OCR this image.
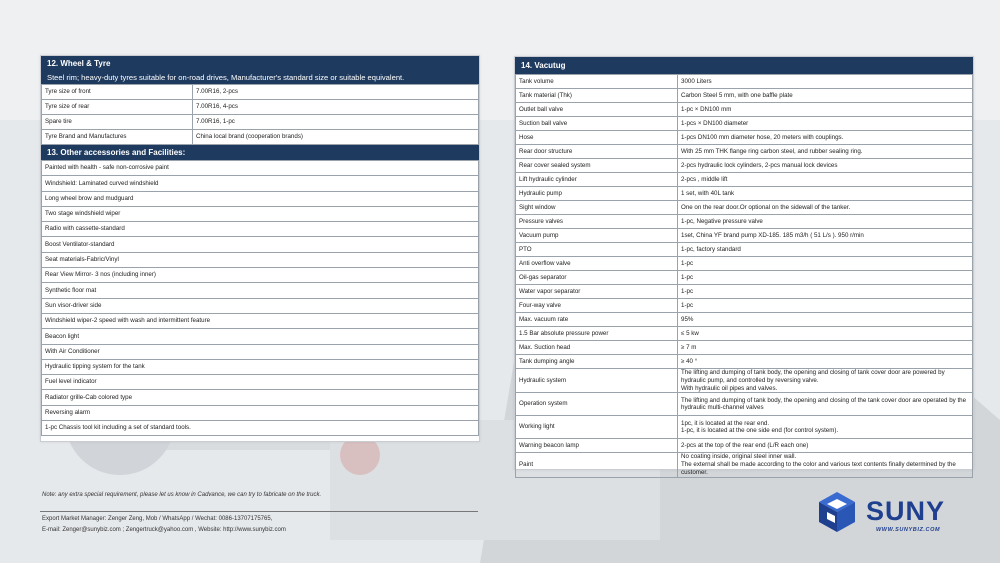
12. Wheel & Tyre
Steel rim; heavy-duty tyres suitable for on-road drives, Manufacturer's standard size or suitable equivalent.
Tyre size of front	7.00R16, 2-pcs
Tyre size of rear	7.00R16, 4-pcs
Spare tire	7.00R16, 1-pc
Tyre Brand and Manufactures	China local brand (cooperation brands)
13. Other accessories and Facilities:
Painted with health - safe non-corrosive paint
Windshield: Laminated curved windshield
Long wheel brow and mudguard
Two stage windshield wiper
Radio with cassette-standard
Boost Ventilator-standard
Seat materials-Fabric/Vinyl
Rear View Mirror- 3 nos (including inner)
Synthetic floor mat
Sun visor-driver side
Windshield wiper-2 speed with wash and intermittent feature
Beacon light
With Air Conditioner
Hydraulic tipping system for the tank
Fuel level indicator
Radiator grille-Cab colored type
Reversing alarm
1-pc Chassis tool kit including a set of standard tools.
14. Vacutug
Tank volume	3000 Liters

Tank material (Thk)	Carbon Steel 5 mm, with one baffle plate

Outlet ball valve	1-pc × DN100 mm

Suction ball valve	1-pcs × DN100 diameter

Hose	1-pcs DN100 mm diameter hose, 20 meters with couplings.

Rear door structure	With 25 mm THK flange ring carbon steel, and rubber sealing ring.

Rear cover sealed system	2-pcs hydraulic lock cylinders, 2-pcs manual lock devices

Lift hydraulic cylinder	2-pcs , middle lift

Hydraulic pump	1 set, with 40L tank

Sight window	One on the rear door.Or optional on the sidewall of the tanker.

Pressure valves	1-pc, Negative pressure valve

Vacuum pump	1set, China YF brand pump XD-185. 185 m3/h ( 51 L/s ). 950 r/min

PTO	1-pc, factory standard

Anti overflow valve	1-pc

Oil-gas separator	1-pc

Water vapor separator	1-pc

Four-way valve	1-pc

Max. vacuum rate	95%

1.5 Bar absolute pressure power	≤ 5 kw

Max. Suction head	≥ 7 m

Tank dumping angle	≥ 40 °

Hydraulic system	The lifting and dumping of tank body, the opening and closing of tank cover door are powered by hydraulic pump, and controlled by reversing valve.
With hydraulic oil pipes and valves.

Operation system	The lifting and dumping of tank body, the opening and closing of the tank cover door are operated by the hydraulic multi-channel valves

Working light	1pc, it is located at the rear end.
1-pc, it is located at the one side end (for control system).

Warning beacon lamp	2-pcs at the top of the rear end (L/R each one)

Paint	No coating inside, original steel inner wall.
The external shall be made according to the color and various text contents finally determined by the customer.
Note: any extra special requirement, please let us know in Cadvance, we can try to fabricate on the truck.
Export Market Manager: Zenger Zeng, Mob / WhatsApp / Wechat: 0086-13707175765,
E-mail: Zenger@sunybiz.com ; Zengertruck@yahoo.com , Website: http://www.sunybiz.com
SUNY
WWW.SUNYBIZ.COM
